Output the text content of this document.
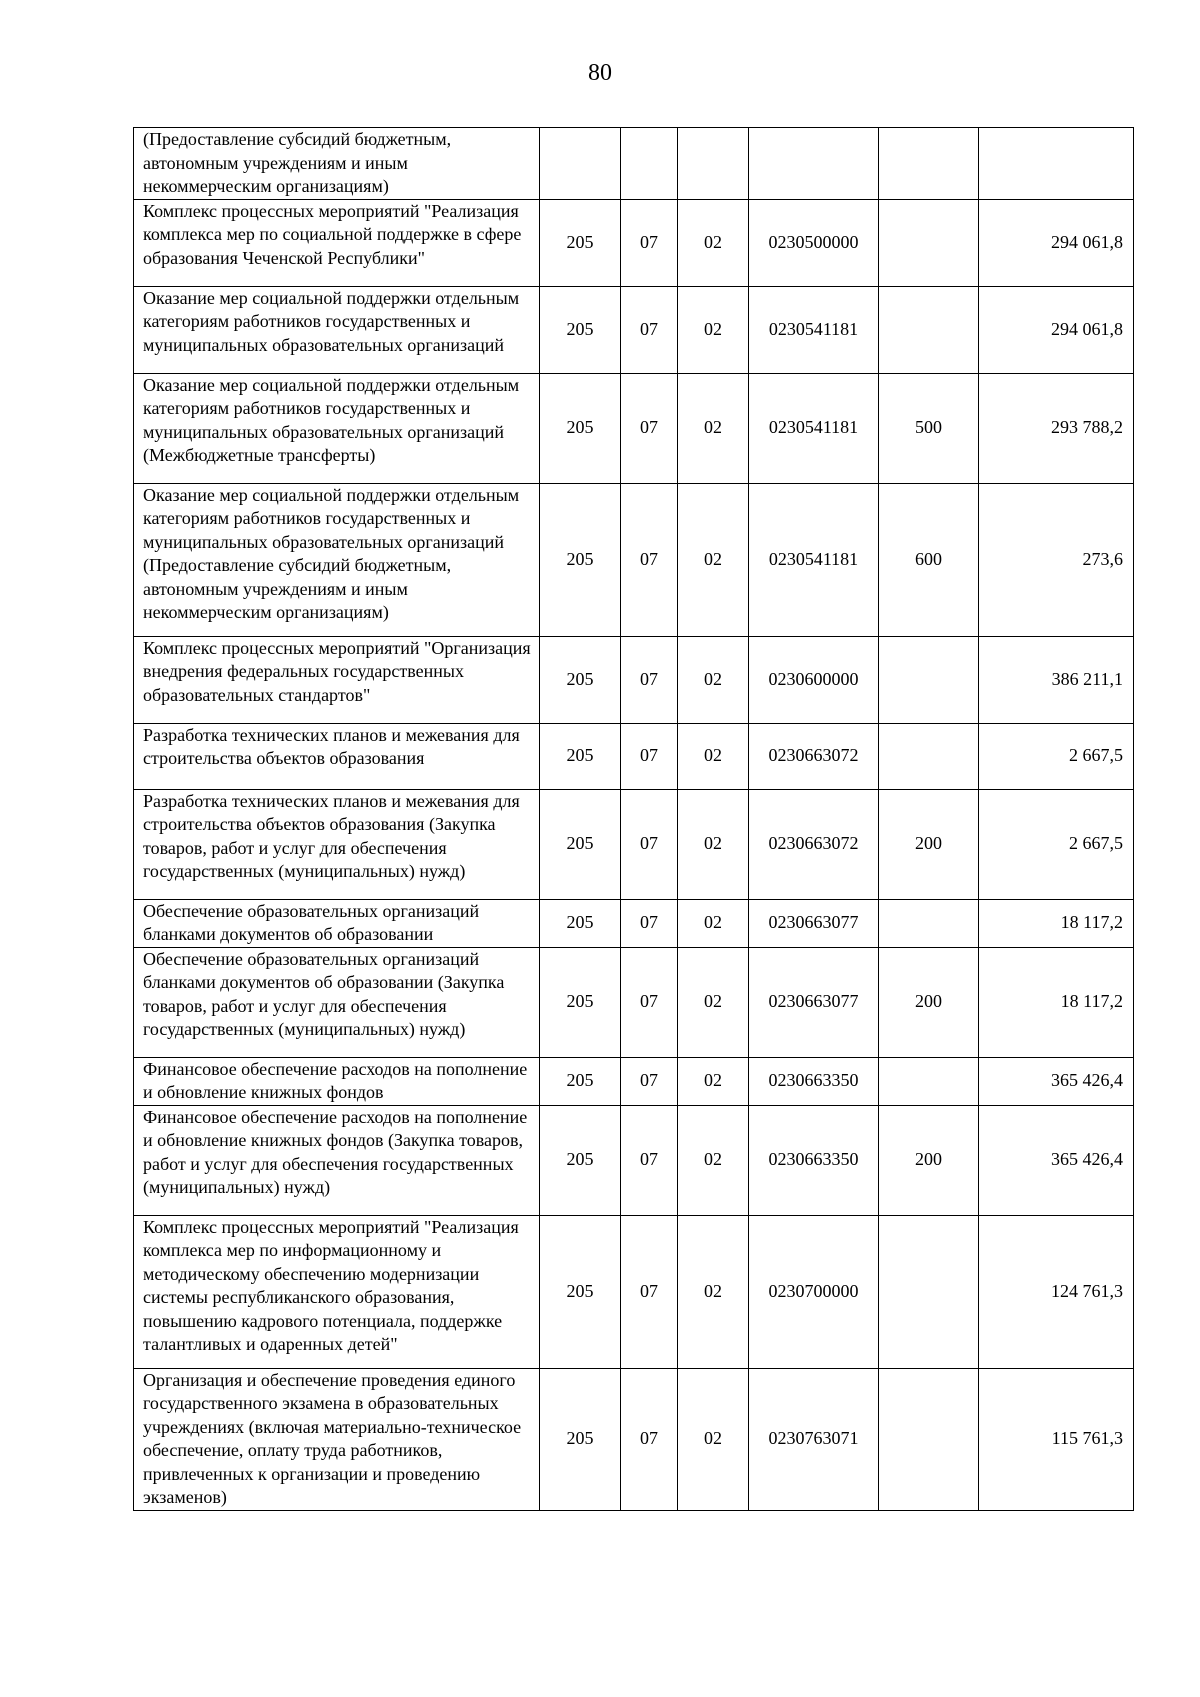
80
(Предоставление субсидий бюджетным, автономным учреждениям и иным некоммерческим организациям)						
Комплекс процессных мероприятий "Реализация комплекса мер по социальной поддержке в сфере образования Чеченской Республики"	205	07	02	0230500000		294 061,8
Оказание мер социальной поддержки отдельным категориям работников государственных и муниципальных образовательных организаций	205	07	02	0230541181		294 061,8
Оказание мер социальной поддержки отдельным категориям работников государственных и муниципальных образовательных организаций (Межбюджетные трансферты)	205	07	02	0230541181	500	293 788,2
Оказание мер социальной поддержки отдельным категориям работников государственных и муниципальных образовательных организаций (Предоставление субсидий бюджетным, автономным учреждениям и иным некоммерческим организациям)	205	07	02	0230541181	600	273,6
Комплекс процессных мероприятий "Организация внедрения федеральных государственных образовательных стандартов"	205	07	02	0230600000		386 211,1
Разработка технических планов и межевания для строительства объектов образования	205	07	02	0230663072		2 667,5
Разработка технических планов и межевания для строительства объектов образования (Закупка товаров, работ и услуг для обеспечения государственных (муниципальных) нужд)	205	07	02	0230663072	200	2 667,5
Обеспечение образовательных организаций бланками документов об образовании	205	07	02	0230663077		18 117,2
Обеспечение образовательных организаций бланками документов об образовании (Закупка товаров, работ и услуг для обеспечения государственных (муниципальных) нужд)	205	07	02	0230663077	200	18 117,2
Финансовое обеспечение расходов на пополнение и обновление книжных фондов	205	07	02	0230663350		365 426,4
Финансовое обеспечение расходов на пополнение и обновление книжных фондов (Закупка товаров, работ и услуг для обеспечения государственных (муниципальных) нужд)	205	07	02	0230663350	200	365 426,4
Комплекс процессных мероприятий "Реализация комплекса мер по информационному и методическому обеспечению модернизации системы республиканского образования, повышению кадрового потенциала, поддержке талантливых и одаренных детей"	205	07	02	0230700000		124 761,3
Организация и обеспечение проведения единого государственного экзамена в образовательных учреждениях (включая материально-техническое обеспечение, оплату труда работников, привлеченных к организации и проведению экзаменов)	205	07	02	0230763071		115 761,3
